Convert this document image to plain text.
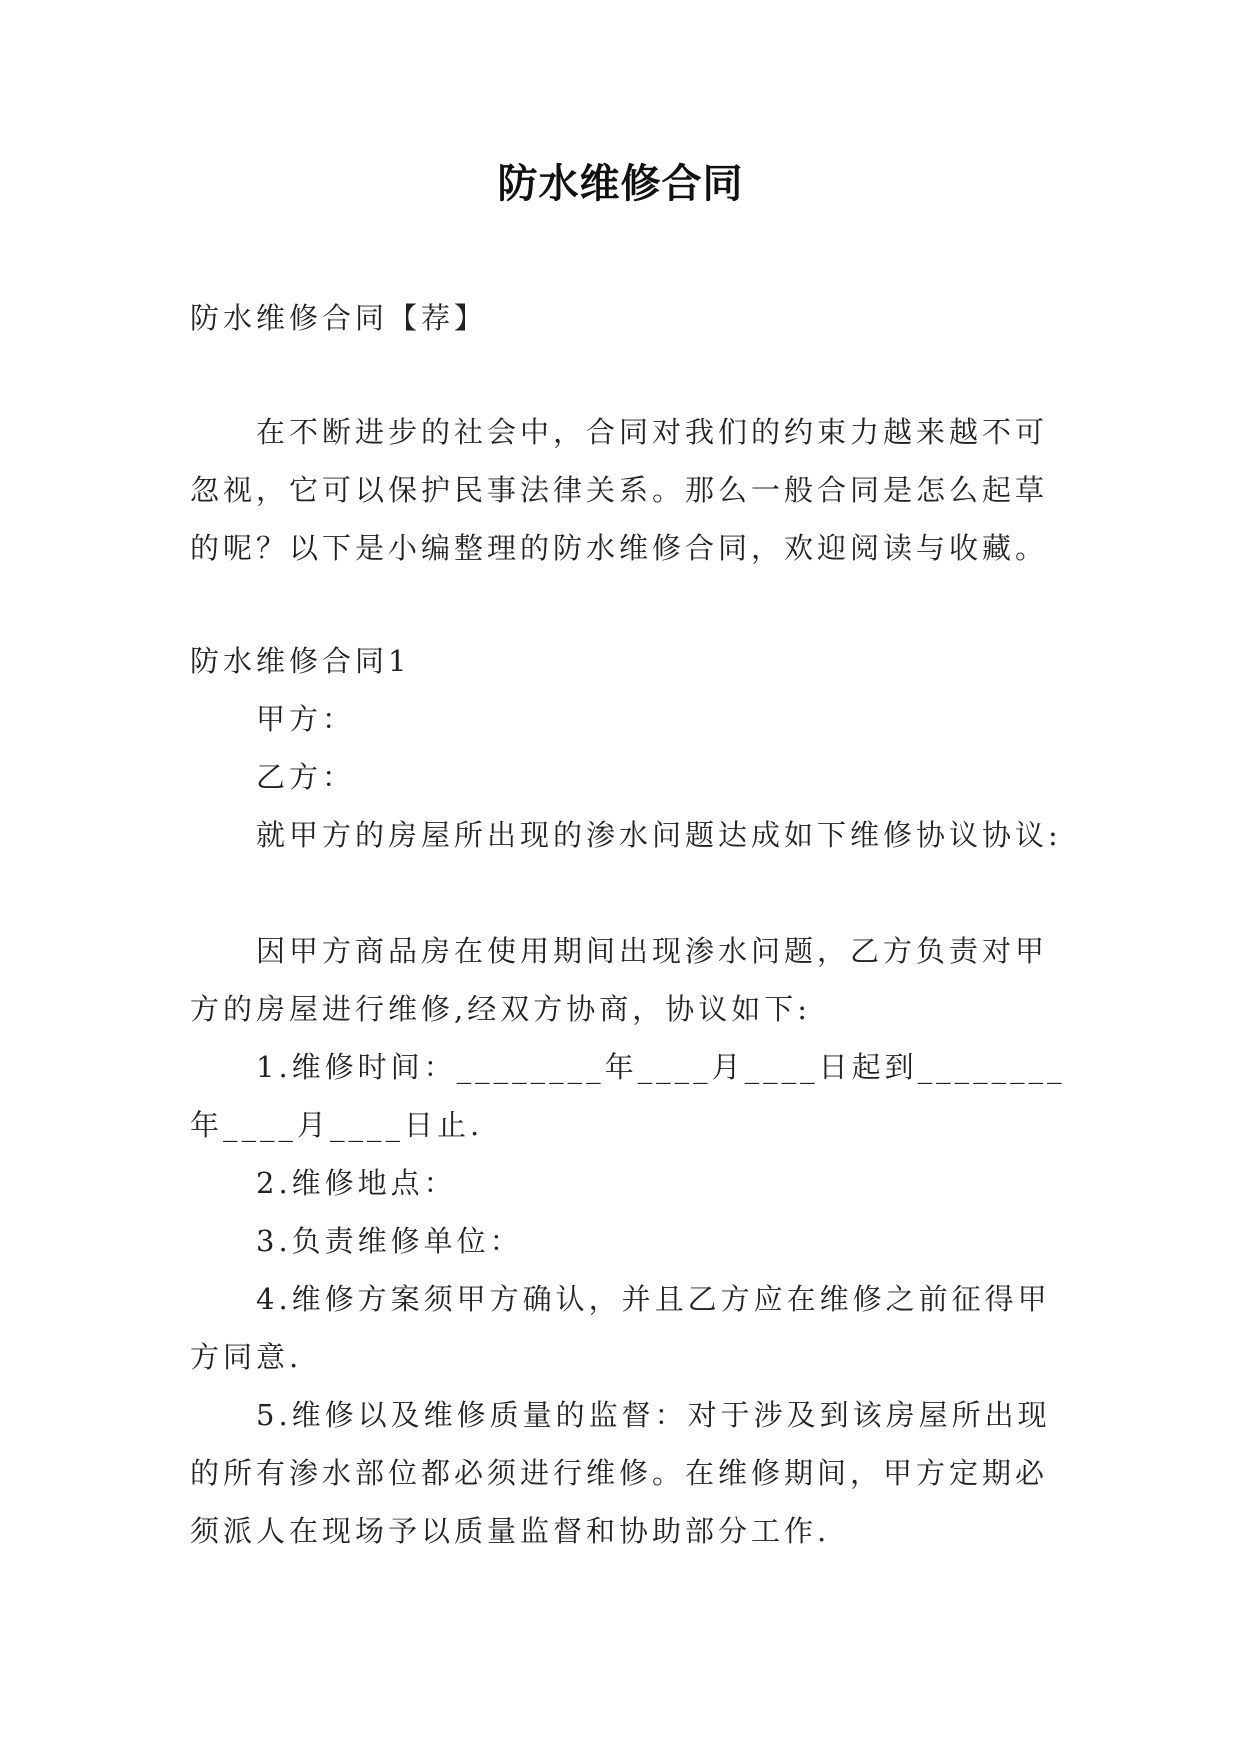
防水维修合同

防水维修合同【荐】

在不断进步的社会中，合同对我们的约束力越来越不可忽视，它可以保护民事法律关系。那么一般合同是怎么起草的呢？以下是小编整理的防水维修合同，欢迎阅读与收藏。

防水维修合同1

甲方：

乙方：

就甲方的房屋所出现的渗水问题达成如下维修协议协议:

因甲方商品房在使用期间出现渗水问题，乙方负责对甲方的房屋进行维修,经双方协商，协议如下:

1.维修时间：________年____月____日起到________年____月____日止.

2.维修地点：

3.负责维修单位：

4.维修方案须甲方确认，并且乙方应在维修之前征得甲方同意.

5.维修以及维修质量的监督：对于涉及到该房屋所出现的所有渗水部位都必须进行维修。在维修期间，甲方定期必须派人在现场予以质量监督和协助部分工作.
